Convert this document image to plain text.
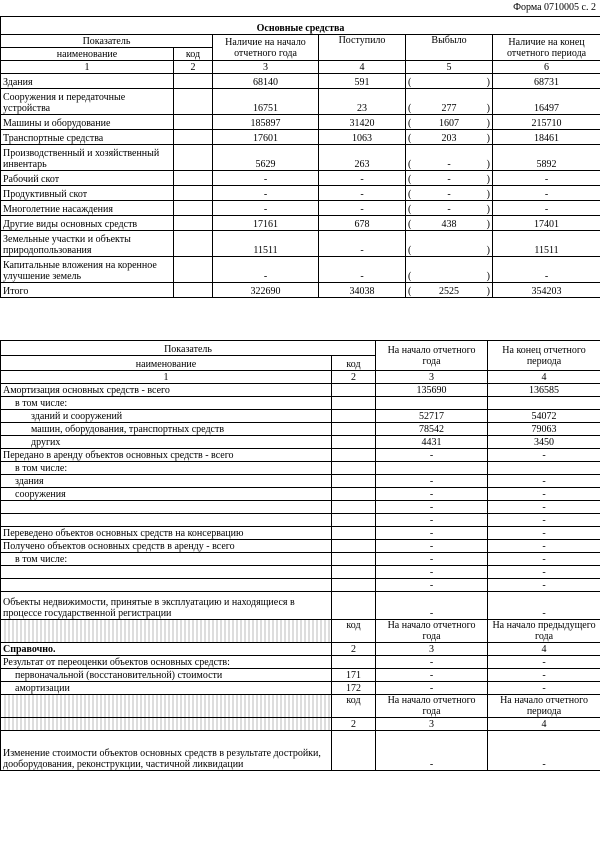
Форма 0710005 с. 2
Основные средства					
Показатель		Наличие на начало отчетного года	Поступило	Выбыло	Наличие на конец отчетного периода
наименование	код				
1	2	3	4	5	6
Здания		68140	591	( )	68731
Сооружения и передаточные устройства		16751	23	( 277 )	16497
Машины и оборудование		185897	31420	( 1607 )	215710
Транспортные средства		17601	1063	( 203 )	18461
Производственный и хозяйственный инвентарь		5629	263	( - )	5892
Рабочий скот		-	-	( - )	-
Продуктивный скот		-	-	( - )	-
Многолетние насаждения		-	-	( - )	-
Другие виды основных средств		17161	678	( 438 )	17401
Земельные участки и объекты природопользования		11511	-	( )	11511
Капитальные вложения на коренное улучшение земель		-	-	( )	-
Итого		322690	34038	( 2525 )	354203
Показатель		На начало отчетного года	На конец отчетного периода
наименование	код		
1	2	3	4
Амортизация основных средств - всего		135690	136585
в том числе:			
зданий и сооружений		52717	54072
машин, оборудования, транспортных средств		78542	79063
других		4431	3450
Передано в аренду объектов основных средств - всего		-	-
в том числе:			
здания		-	-
сооружения		-	-
		-	-
		-	-
Переведено объектов основных средств на консервацию		-	-
Получено объектов основных средств в аренду - всего		-	-
в том числе:		-	-
		-	-
		-	-
Объекты недвижимости, принятые в эксплуатацию и находящиеся в процессе государственной регистрации		-	-
	код	На начало отчетного года	На начало предыдущего года
Справочно.	2	3	4
Результат от переоценки объектов основных средств:		-	-
первоначальной (восстановительной) стоимости	171	-	-
амортизации	172	-	-
	код	На начало отчетного года	На начало отчетного периода
	2	3	4
Изменение стоимости объектов основных средств в результате достройки, дооборудования, реконструкции, частичной ликвидации		-	-
